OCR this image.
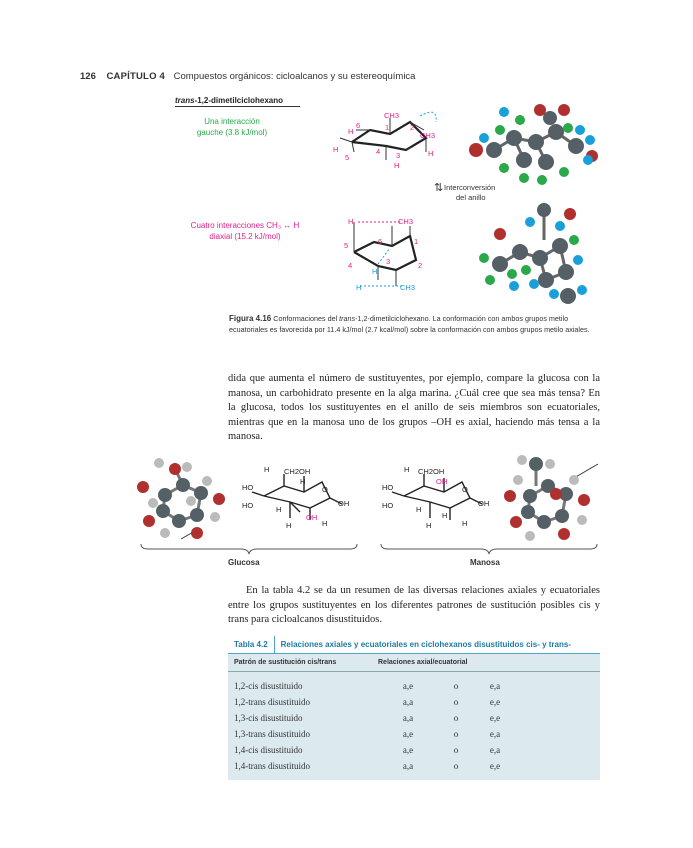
126 CAPÍTULO 4 Compuestos orgánicos: cicloalcanos y su estereoquímica
trans-1,2-dimetilciclohexano
Una interacción
gauche (3.8 kJ/mol)
Cuatro interacciones CH₃ ↔ H
diaxial (15.2 kJ/mol)
CH3
CH3
H
H	H
H
6	1	2
3
4
5
⇅ Interconversión
del anillo
H	CH3
H
H	CH3
5	6	1
2
3
4
Figura 4.16 Conformaciones del trans-1,2-dimetilciclohexano. La conformación con ambos grupos metilo ecuatoriales es favorecida por 11.4 kJ/mol (2.7 kcal/mol) sobre la conformación con ambos grupos metilo axiales.
dida que aumenta el número de sustituyentes, por ejemplo, compare la glucosa con la manosa, un carbohidrato presente en la alga marina. ¿Cuál cree que sea más tensa? En la glucosa, todos los sustituyentes en el anillo de seis miembros son ecuatoriales, mientras que en la manosa uno de los grupos –OH es axial, haciendo más tensa a la manosa.
H CH2OH
H
HO
HO
O
OH
H
H	H
OH
H CH2OH
OH
HO
HO
O
OH
H
H
H
H
Glucosa	Manosa
En la tabla 4.2 se da un resumen de las diversas relaciones axiales y ecuatoriales entre los grupos sustituyentes en los diferentes patrones de sustitución posibles cis y trans para cicloalcanos disustituidos.
Tabla 4.2	Relaciones axiales y ecuatoriales en ciclohexanos disustituidos cis- y trans-
Patrón de sustitución cis/trans	Relaciones axial/ecuatorial
1,2-cis disustituido	a,e	o	e,a
1,2-trans disustituido	a,a	o	e,e
1,3-cis disustituido	a,a	o	e,e
1,3-trans disustituido	a,e	o	e,a
1,4-cis disustituido	a,e	o	e,a
1,4-trans disustituido	a,a	o	e,e
